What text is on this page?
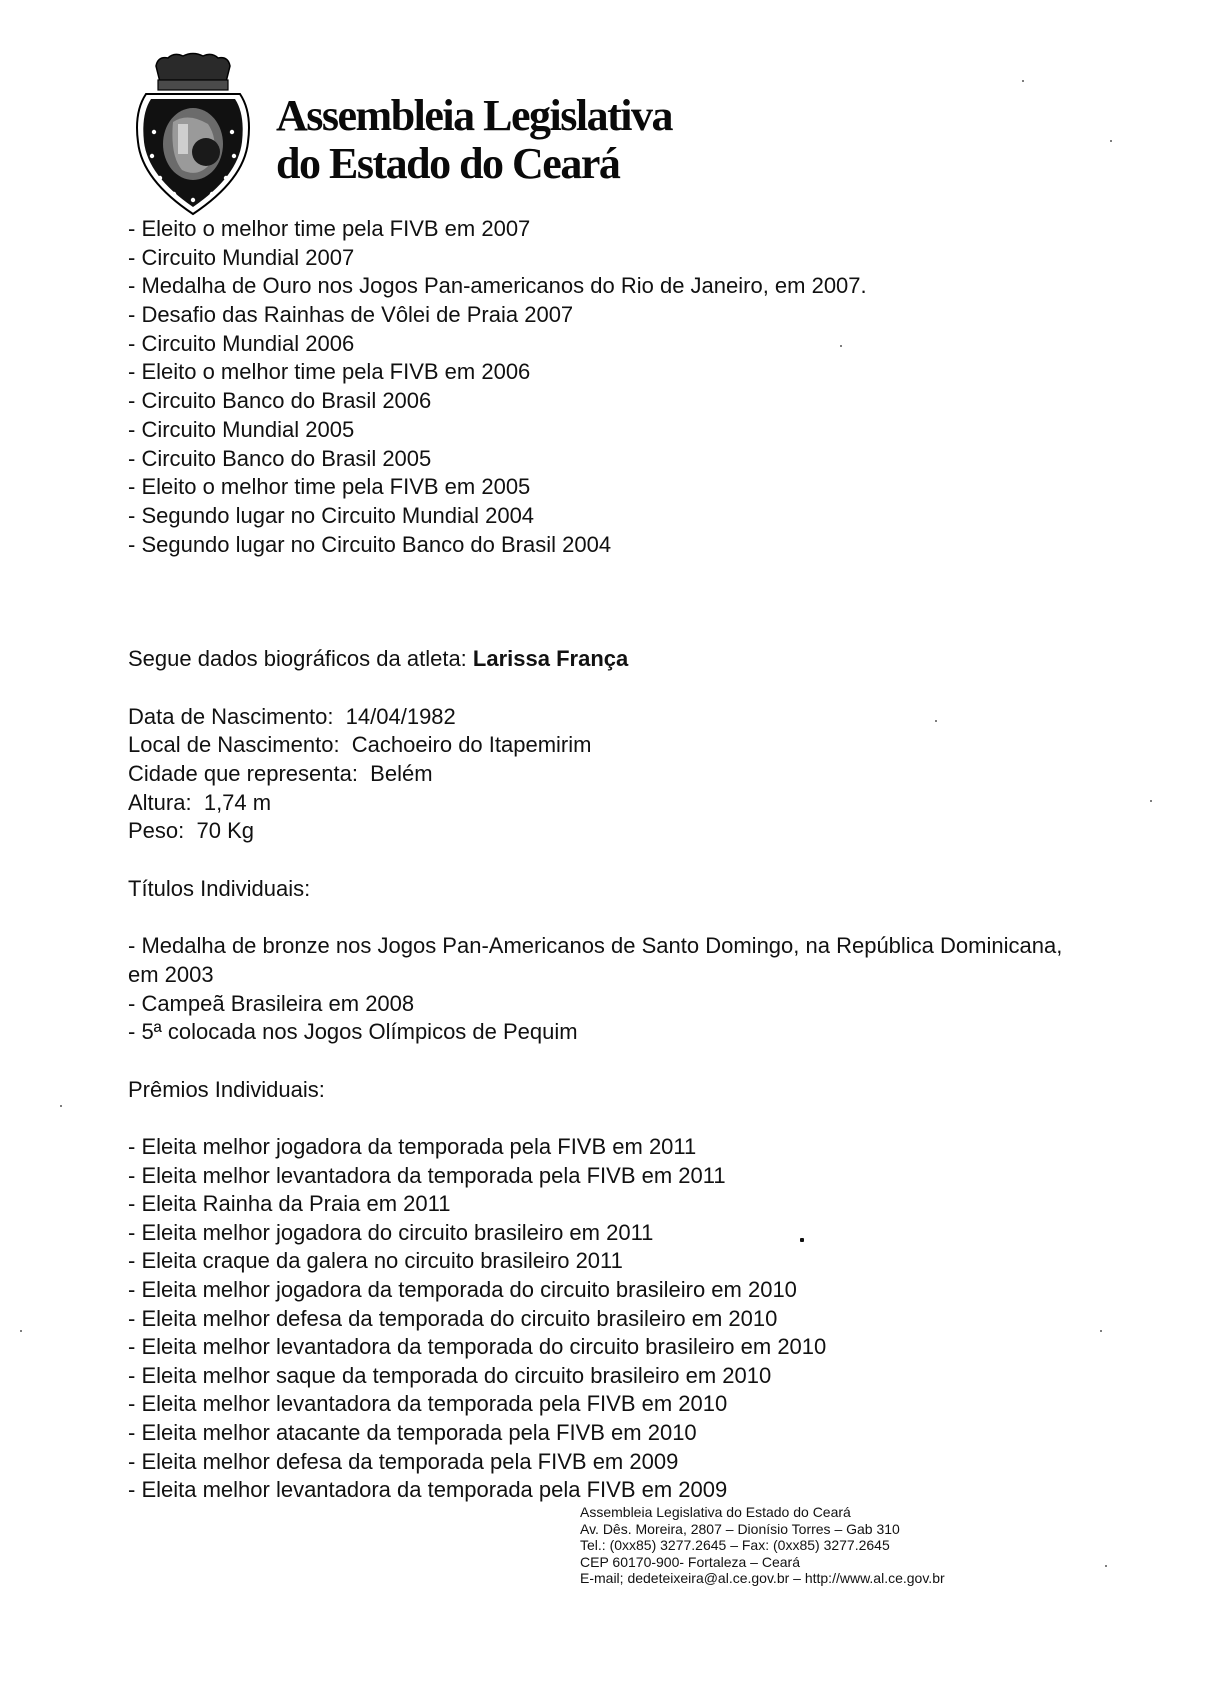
Assembleia Legislativa
do Estado do Ceará

- Eleito o melhor time pela FIVB em 2007

- Circuito Mundial 2007

- Medalha de Ouro nos Jogos Pan-americanos do Rio de Janeiro, em 2007.

- Desafio das Rainhas de Vôlei de Praia 2007

- Circuito Mundial 2006

- Eleito o melhor time pela FIVB em 2006

- Circuito Banco do Brasil 2006

- Circuito Mundial 2005

- Circuito Banco do Brasil 2005

- Eleito o melhor time pela FIVB em 2005

- Segundo lugar no Circuito Mundial 2004

- Segundo lugar no Circuito Banco do Brasil 2004

Segue dados biográficos da atleta: Larissa França

Data de Nascimento: 14/04/1982

Local de Nascimento: Cachoeiro do Itapemirim

Cidade que representa: Belém

Altura: 1,74 m

Peso: 70 Kg

Títulos Individuais:

- Medalha de bronze nos Jogos Pan-Americanos de Santo Domingo, na República Dominicana, em 2003

- Campeã Brasileira em 2008

- 5ª colocada nos Jogos Olímpicos de Pequim

Prêmios Individuais:

- Eleita melhor jogadora da temporada pela FIVB em 2011

- Eleita melhor levantadora da temporada pela FIVB em 2011

- Eleita Rainha da Praia em 2011

- Eleita melhor jogadora do circuito brasileiro em 2011

- Eleita craque da galera no circuito brasileiro 2011

- Eleita melhor jogadora da temporada do circuito brasileiro em 2010

- Eleita melhor defesa da temporada do circuito brasileiro em 2010

- Eleita melhor levantadora da temporada do circuito brasileiro em 2010

- Eleita melhor saque da temporada do circuito brasileiro em 2010

- Eleita melhor levantadora da temporada pela FIVB em 2010

- Eleita melhor atacante da temporada pela FIVB em 2010

- Eleita melhor defesa da temporada pela FIVB em 2009

- Eleita melhor levantadora da temporada pela FIVB em 2009

Assembleia Legislativa do Estado do Ceará
Av. Dês. Moreira, 2807 – Dionísio Torres – Gab 310
Tel.: (0xx85) 3277.2645 – Fax: (0xx85) 3277.2645
CEP 60170-900- Fortaleza – Ceará
E-mail; dedeteixeira@al.ce.gov.br – http://www.al.ce.gov.br
